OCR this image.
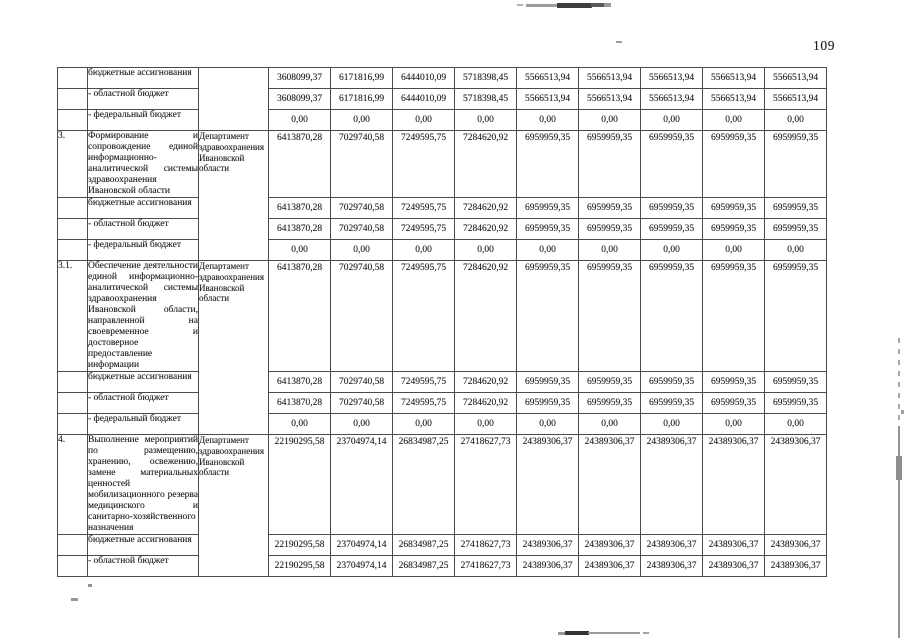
109
	бюджетные ассигнования		3608099,37	6171816,99	6444010,09	5718398,45	5566513,94	5566513,94	5566513,94	5566513,94	5566513,94
	- областной бюджет		3608099,37	6171816,99	6444010,09	5718398,45	5566513,94	5566513,94	5566513,94	5566513,94	5566513,94
	- федеральный бюджет		0,00	0,00	0,00	0,00	0,00	0,00	0,00	0,00	0,00
3.	Формирование и сопровождение единой информационно-аналитической системы здравоохранения Ивановской области	Департамент здравоохранения Ивановской области	6413870,28	7029740,58	7249595,75	7284620,92	6959959,35	6959959,35	6959959,35	6959959,35	6959959,35
	бюджетные ассигнования		6413870,28	7029740,58	7249595,75	7284620,92	6959959,35	6959959,35	6959959,35	6959959,35	6959959,35
	- областной бюджет		6413870,28	7029740,58	7249595,75	7284620,92	6959959,35	6959959,35	6959959,35	6959959,35	6959959,35
	- федеральный бюджет		0,00	0,00	0,00	0,00	0,00	0,00	0,00	0,00	0,00
3.1.	Обеспечение деятельности единой информационно-аналитической системы здравоохранения Ивановской области, направленной на своевременное и достоверное предоставление информации	Департамент здравоохранения Ивановской области	6413870,28	7029740,58	7249595,75	7284620,92	6959959,35	6959959,35	6959959,35	6959959,35	6959959,35
	бюджетные ассигнования		6413870,28	7029740,58	7249595,75	7284620,92	6959959,35	6959959,35	6959959,35	6959959,35	6959959,35
	- областной бюджет		6413870,28	7029740,58	7249595,75	7284620,92	6959959,35	6959959,35	6959959,35	6959959,35	6959959,35
	- федеральный бюджет		0,00	0,00	0,00	0,00	0,00	0,00	0,00	0,00	0,00
4.	Выполнение мероприятий по размещению, хранению, освежению, замене материальных ценностей мобилизационного резерва медицинского и санитарно-хозяйственного назначения	Департамент здравоохранения Ивановской области	22190295,58	23704974,14	26834987,25	27418627,73	24389306,37	24389306,37	24389306,37	24389306,37	24389306,37
	бюджетные ассигнования		22190295,58	23704974,14	26834987,25	27418627,73	24389306,37	24389306,37	24389306,37	24389306,37	24389306,37
	- областной бюджет		22190295,58	23704974,14	26834987,25	27418627,73	24389306,37	24389306,37	24389306,37	24389306,37	24389306,37
